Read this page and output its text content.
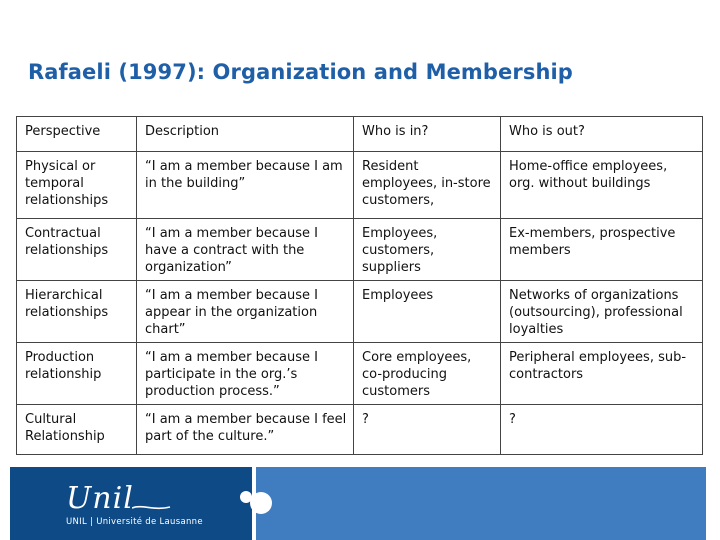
Rafaeli (1997): Organization and Membership
Perspective	Description	Who is in?	Who is out?
Physical or temporal relationships	“I am a member because I am in the building”	Resident employees, in-store customers,	Home-office employees, org. without buildings
Contractual relationships	“I am a member because I have a contract with the organization”	Employees, customers, suppliers	Ex-members, prospective members
Hierarchical relationships	“I am a member because I appear in the organization chart”	Employees	Networks of organizations (outsourcing), professional loyalties
Production relationship	“I am a member because I participate in the org.’s production process.”	Core employees, co-producing customers	Peripheral employees, sub-contractors
Cultural Relationship	“I am a member because I feel part of the culture.”	?	?
Unil
UNIL | Université de Lausanne
